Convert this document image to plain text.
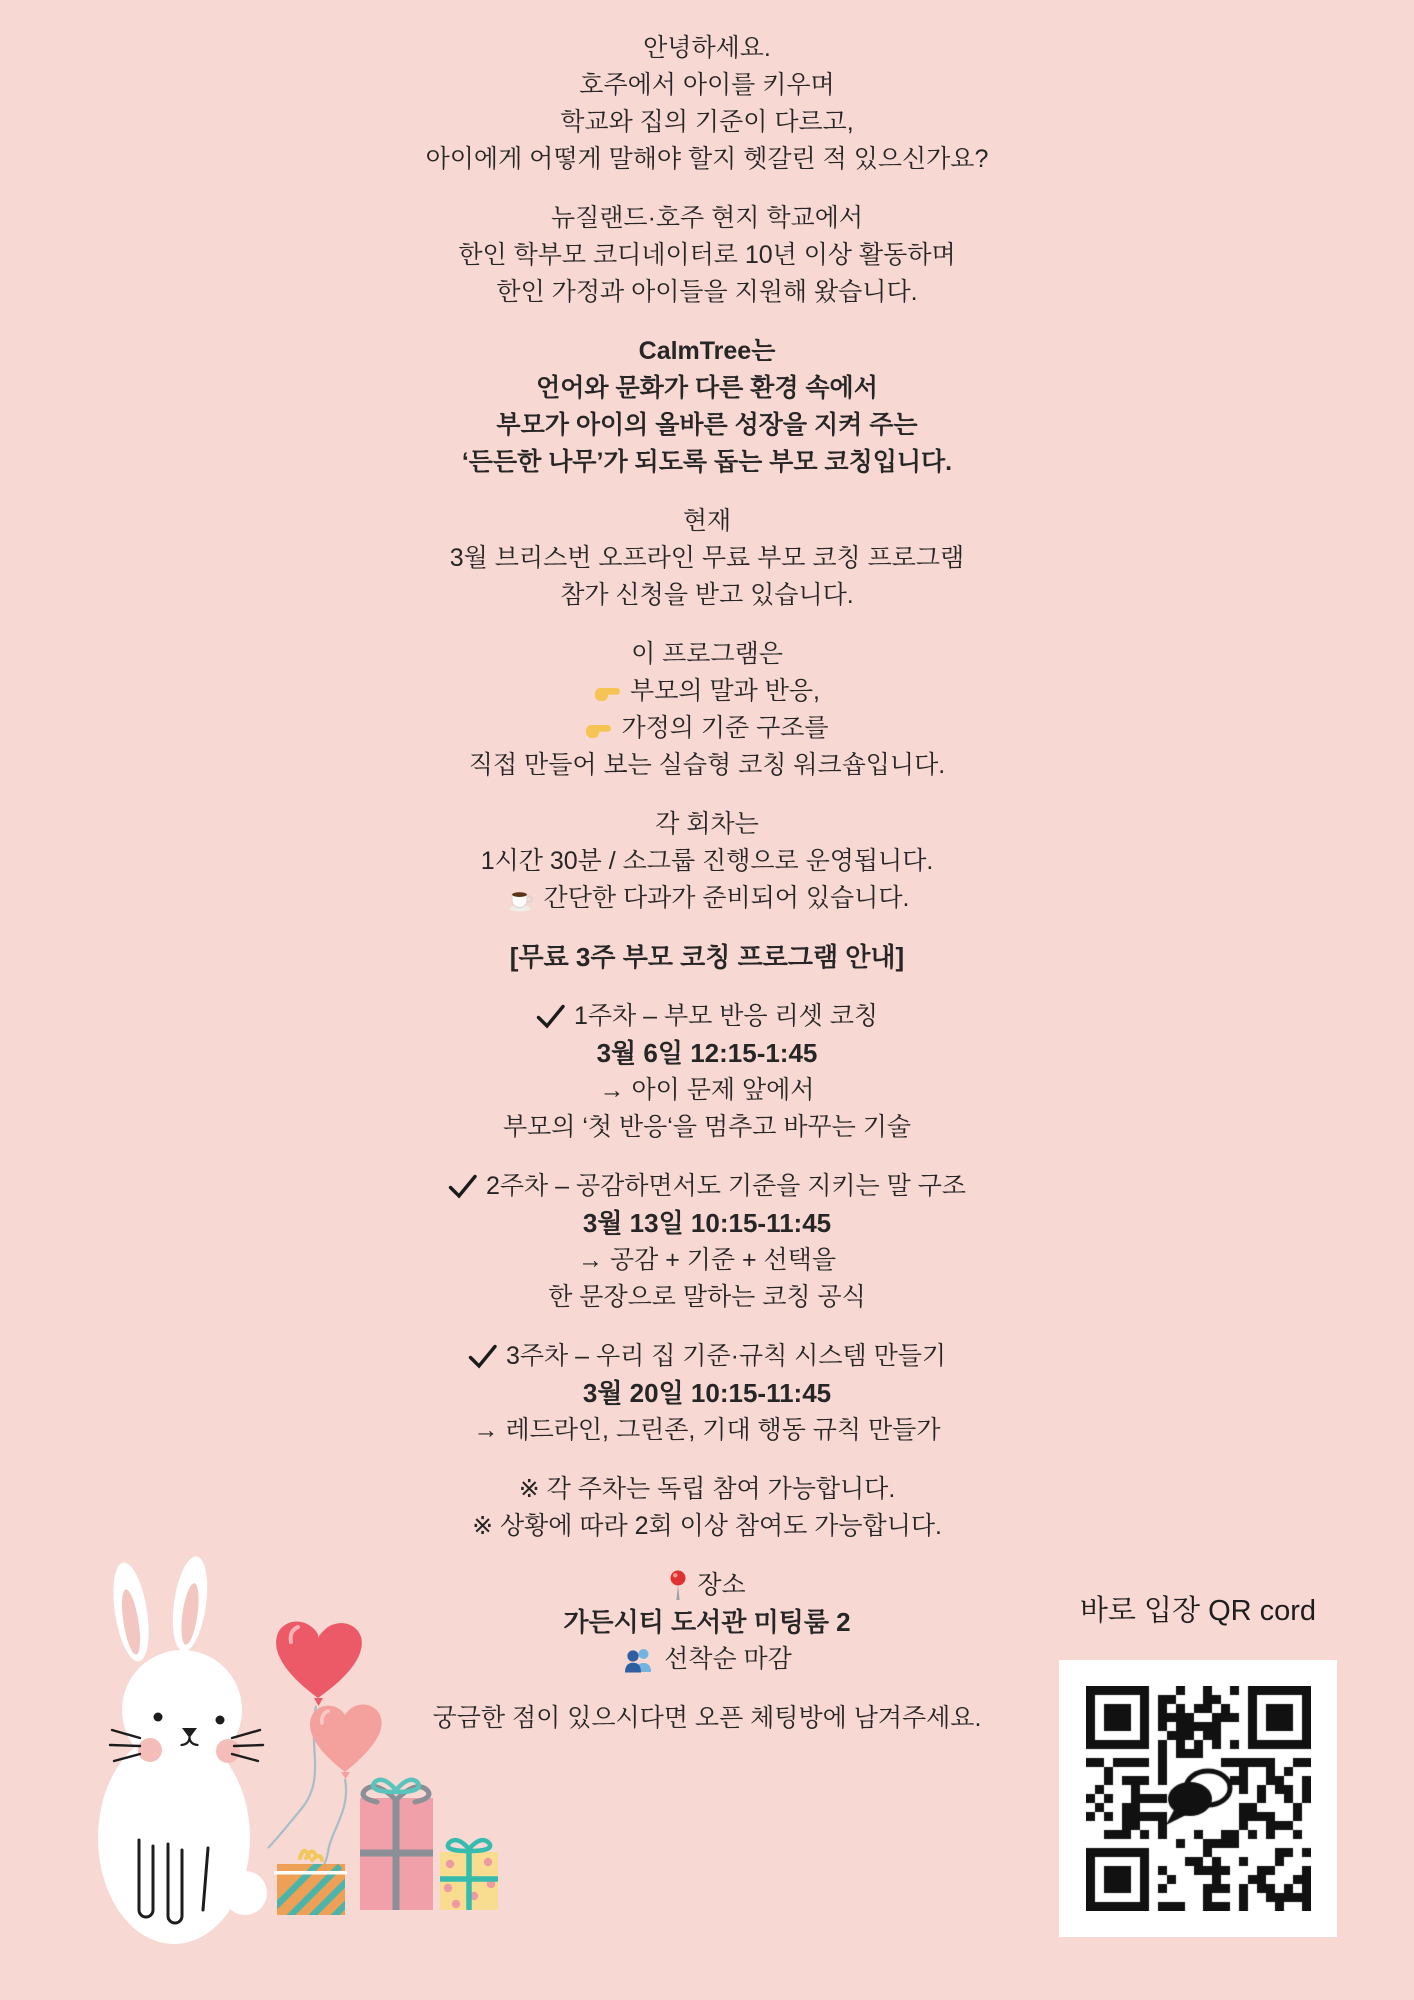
안녕하세요.
호주에서 아이를 키우며
학교와 집의 기준이 다르고,
아이에게 어떻게 말해야 할지 헷갈린 적 있으신가요?
뉴질랜드·호주 현지 학교에서
한인 학부모 코디네이터로 10년 이상 활동하며
한인 가정과 아이들을 지원해 왔습니다.
CalmTree는
언어와 문화가 다른 환경 속에서
부모가 아이의 올바른 성장을 지켜 주는
‘든든한 나무’가 되도록 돕는 부모 코칭입니다.
현재
3월 브리스번 오프라인 무료 부모 코칭 프로그램
참가 신청을 받고 있습니다.
이 프로그램은
부모의 말과 반응,
가정의 기준 구조를
직접 만들어 보는 실습형 코칭 워크숍입니다.
각 회차는
1시간 30분 / 소그룹 진행으로 운영됩니다.
간단한 다과가 준비되어 있습니다.
[무료 3주 부모 코칭 프로그램 안내]
1주차 – 부모 반응 리셋 코칭
3월 6일 12:15-1:45
→ 아이 문제 앞에서
부모의 ‘첫 반응‘을 멈추고 바꾸는 기술
2주차 – 공감하면서도 기준을 지키는 말 구조
3월 13일 10:15-11:45
→ 공감 + 기준 + 선택을
한 문장으로 말하는 코칭 공식
3주차 – 우리 집 기준·규칙 시스템 만들기
3월 20일 10:15-11:45
→ 레드라인, 그린존, 기대 행동 규칙 만들가
※ 각 주차는 독립 참여 가능합니다.
※ 상황에 따라 2회 이상 참여도 가능합니다.
장소
가든시티 도서관 미팅룸 2
선착순 마감
궁금한 점이 있으시다면 오픈 체팅방에 남겨주세요.
바로 입장 QR cord
